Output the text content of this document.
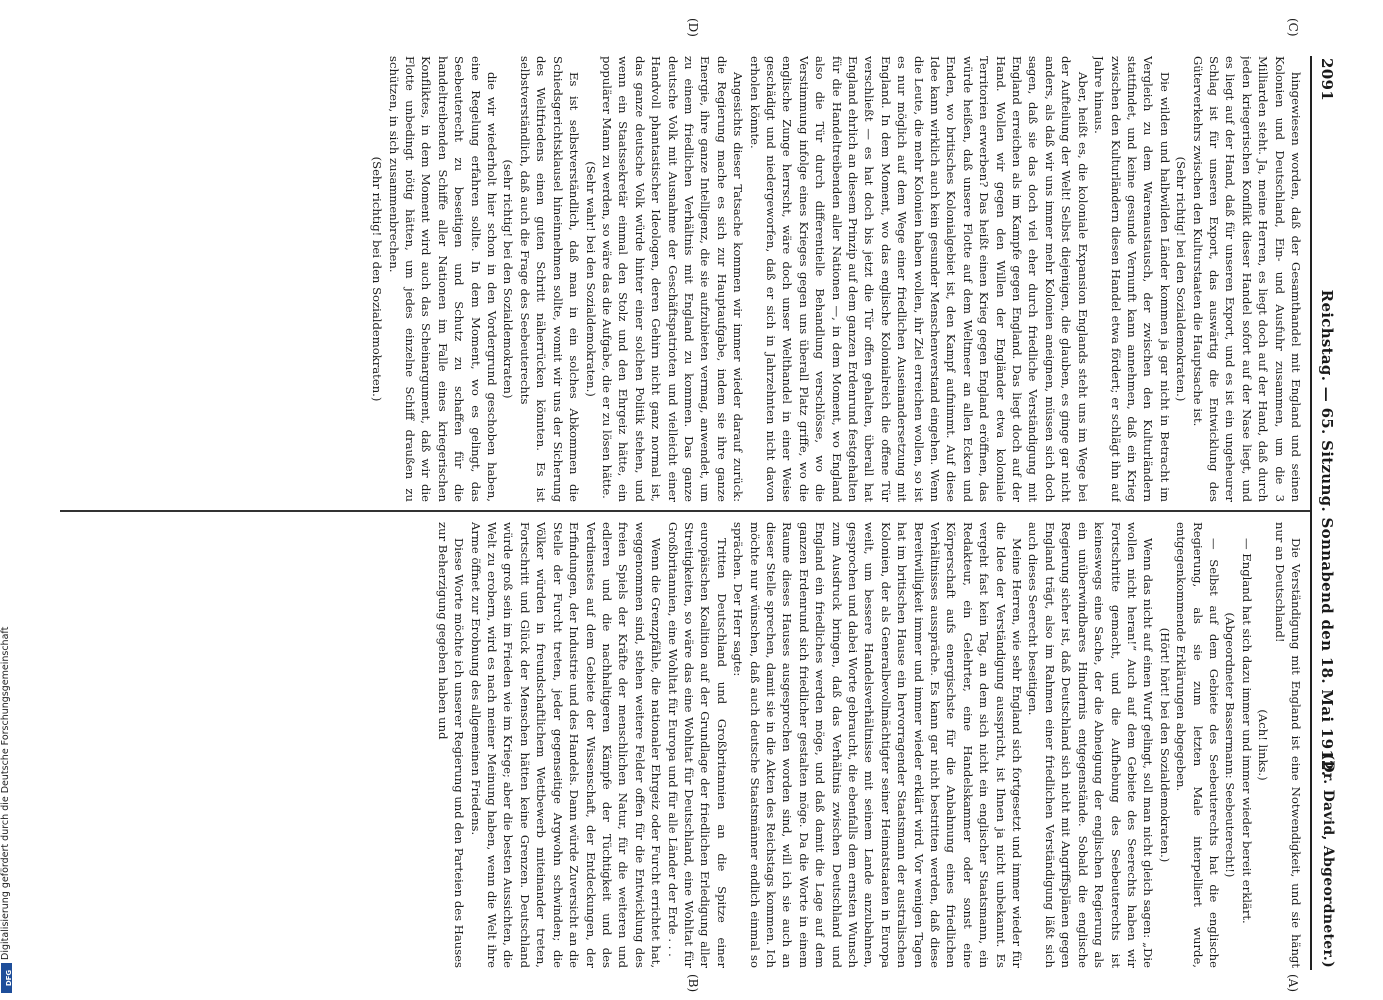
2091
Reichstag. — 65. Sitzung. Sonnabend den 18. Mai 1912.
(Dr. David, Abgeordneter.)
(C)
(D)
(A)
(B)

hingewiesen worden, daß der Gesamthandel mit England und seinen Kolonien und Deutschland, Ein- und Ausfuhr zusammen, um die 3 Milliarden steht. Ja, meine Herren, es liegt doch auf der Hand, daß durch jeden kriegerischen Konflikt dieser Handel sofort auf der Nase liegt, und es liegt auf der Hand, daß für unseren Export, und es ist ein ungeheurer Schlag ist für unseren Export, das auswärtig die Entwicklung des Güterverkehrs zwischen den Kulturstaaten die Hauptsache ist.

(Sehr richtig! bei den Sozialdemokraten.)

Die wilden und halbwilden Länder kommen ja gar nicht in Betracht im Vergleich zu dem Warenaustausch, der zwischen den Kulturländern stattfindet, und keine gesunde Vernunft kann annehmen, daß ein Krieg zwischen den Kulturländern diesen Handel etwa fördert; er schlägt ihn auf Jahre hinaus.

Aber, heißt es, die koloniale Expansion Englands steht uns im Wege bei der Aufteilung der Welt! Selbst diejenigen, die glauben, es ginge gar nicht anders, als daß wir uns immer mehr Kolonien aneignen, müssen sich doch sagen, daß sie das doch viel eher durch friedliche Verständigung mit England erreichen als im Kampfe gegen England. Das liegt doch auf der Hand. Wollen wir gegen den Willen der Engländer etwa koloniale Territorien erwerben? Das heißt einen Krieg gegen England eröffnen, das würde heißen, daß unsere Flotte auf dem Weltmeer an allen Ecken und Enden, wo britisches Kolonialgebiet ist, den Kampf aufnimmt. Auf diese Idee kann wirklich auch kein gesunder Menschenverstand eingehen. Wenn die Leute, die mehr Kolonien haben wollen, ihr Ziel erreichen wollen, so ist es nur möglich auf dem Wege einer friedlichen Auseinandersetzung mit England. In dem Moment, wo das englische Kolonialreich die offene Tür verschließt — es hat doch bis jetzt die Tür offen gehalten, überall hat England ehrlich an diesem Prinzip auf dem ganzen Erdenrund festgehalten für die Handeltreibenden aller Nationen —, in dem Moment, wo England also die Tür durch differentielle Behandlung verschlösse, wo die Verstimmung infolge eines Krieges gegen uns überall Platz griffe, wo die englische Zunge herrscht, wäre doch unser Welthandel in einer Weise geschädigt und niedergeworfen, daß er sich in Jahrzehnten nicht davon erholen könnte.

Angesichts dieser Tatsache kommen wir immer wieder darauf zurück: die Regierung mache es sich zur Hauptaufgabe, indem sie ihre ganze Energie, ihre ganze Intelligenz, die sie aufzubieten vermag, anwendet, um zu einem friedlichen Verhältnis mit England zu kommen. Das ganze deutsche Volk mit Ausnahme der Geschäftspatrioten und vielleicht einer Handvoll phantastischer Ideologen, deren Gehirn nicht ganz normal ist, das ganze deutsche Volk würde hinter einer solchen Politik stehen, und wenn ein Staatssekretär einmal den Stolz und den Ehrgeiz hätte, ein populärer Mann zu werden, so wäre das die Aufgabe, die er zu lösen hätte.

(Sehr wahr! bei den Sozialdemokraten.)

Es ist selbstverständlich, daß man in ein solches Abkommen die Schiedsgerichtsklausel hineinnehmen sollte, womit wir uns der Sicherung des Weltfriedens einen guten Schritt näherrücken könnten. Es ist selbstverständlich, daß auch die Frage des Seebeuterechts

(sehr richtig! bei den Sozialdemokraten)

die wir wiederholt hier schon in den Vordergrund geschoben haben, eine Regelung erfahren sollte. In dem Moment, wo es gelingt, das Seebeuterecht zu beseitigen und Schutz zu schaffen für die handeltreibenden Schiffe aller Nationen im Falle eines kriegerischen Konfliktes, in dem Moment wird auch das Scheinargument, daß wir die Flotte unbedingt nötig hätten, um jedes einzelne Schiff draußen zu schützen, in sich zusammenbrechen.

(Sehr richtig! bei den Sozialdemokraten.)

Die Verständigung mit England ist eine Notwendigkeit, und sie hängt nur an Deutschland!

(Ach! links.)

— England hat sich dazu immer und immer wieder bereit erklärt.

(Abgeordneter Bassermann: Seebeuterecht!)

— Selbst auf dem Gebiete des Seebeuterechts hat die englische Regierung, als sie zum letzten Male interpelliert wurde, entgegenkommende Erklärungen abgegeben.

(Hört! hört! bei den Sozialdemokraten.)

Wenn das nicht auf einen Wurf gelingt, soll man nicht gleich sagen: „Die wollen nicht heran!“ Auch auf dem Gebiete des Seerechts haben wir Fortschritte gemacht, und die Aufhebung des Seebeuterechts ist keineswegs eine Sache, der die Abneigung der englischen Regierung als ein unüberwindbares Hindernis entgegenstände. Sobald die englische Regierung sicher ist, daß Deutschland sich nicht mit Angriffsplänen gegen England trägt, also im Rahmen einer friedlichen Verständigung läßt sich auch dieses Seerecht beseitigen.

Meine Herren, wie sehr England sich fortgesetzt und immer wieder für die Idee der Verständigung ausspricht, ist Ihnen ja nicht unbekannt. Es vergeht fast kein Tag, an dem sich nicht ein englischer Staatsmann, ein Redakteur, ein Gelehrter, eine Handelskammer oder sonst eine Körperschaft aufs energischste für die Anbahnung eines friedlichen Verhältnisses ausspräche. Es kann gar nicht bestritten werden, daß diese Bereitwilligkeit immer und immer wieder erklärt wird. Vor wenigen Tagen hat im britischen Hause ein hervorragender Staatsmann der australischen Kolonien, der als Generalbevollmächtigter seiner Heimatstaaten in Europa weilt, um bessere Handelsverhältnisse mit seinem Lande anzubahnen, gesprochen und dabei Worte gebraucht, die ebenfalls dem ernsten Wunsch zum Ausdruck bringen, daß das Verhältnis zwischen Deutschland und England ein friedliches werden möge, und daß damit die Lage auf dem ganzen Erdenrund sich friedlicher gestalten möge. Da die Worte in einem Raume dieses Hauses ausgesprochen worden sind, will ich sie auch an dieser Stelle sprechen, damit sie in die Akten des Reichstags kommen. Ich möchte nur wünschen, daß auch deutsche Staatsmänner endlich einmal so sprächen. Der Herr sagte:

Tritten Deutschland und Großbritannien an die Spitze einer europäischen Koalition auf der Grundlage der friedlichen Erledigung aller Streitigkeiten, so wäre das eine Wohltat für Deutschland, eine Wohltat für Großbritannien, eine Wohltat für Europa und für alle Länder der Erde . . .

Wenn die Grenzpfähle, die nationaler Ehrgeiz oder Furcht errichtet hat, weggenommen sind, stehen weitere Felder offen für die Entwicklung des freien Spiels der Kräfte der menschlichen Natur, für die weiteren und edleren und die nachhaltigeren Kämpfe der Tüchtigkeit und des Verdienstes auf dem Gebiete der Wissenschaft, der Entdeckungen, der Erfindungen, der Industrie und des Handels. Dann würde Zuversicht an die Stelle der Furcht treten, jeder gegenseitige Argwohn schwinden; die Völker würden in freundschaftlichem Wettbewerb miteinander treten, Fortschritt und Glück der Menschen hätten keine Grenzen. Deutschland würde groß sein im Frieden wie im Kriege; aber die besten Aussichten, die Welt zu erobern, wird es nach meiner Meinung haben, wenn die Welt ihre Arme öffnet zur Erobnung des allgemeinen Friedens.

Diese Worte möchte ich unserer Regierung und den Parteien des Hauses zur Beherzigung gegeben haben und

Digitalisierung gefördert durch die Deutsche Forschungsgemeinschaft
DFG
